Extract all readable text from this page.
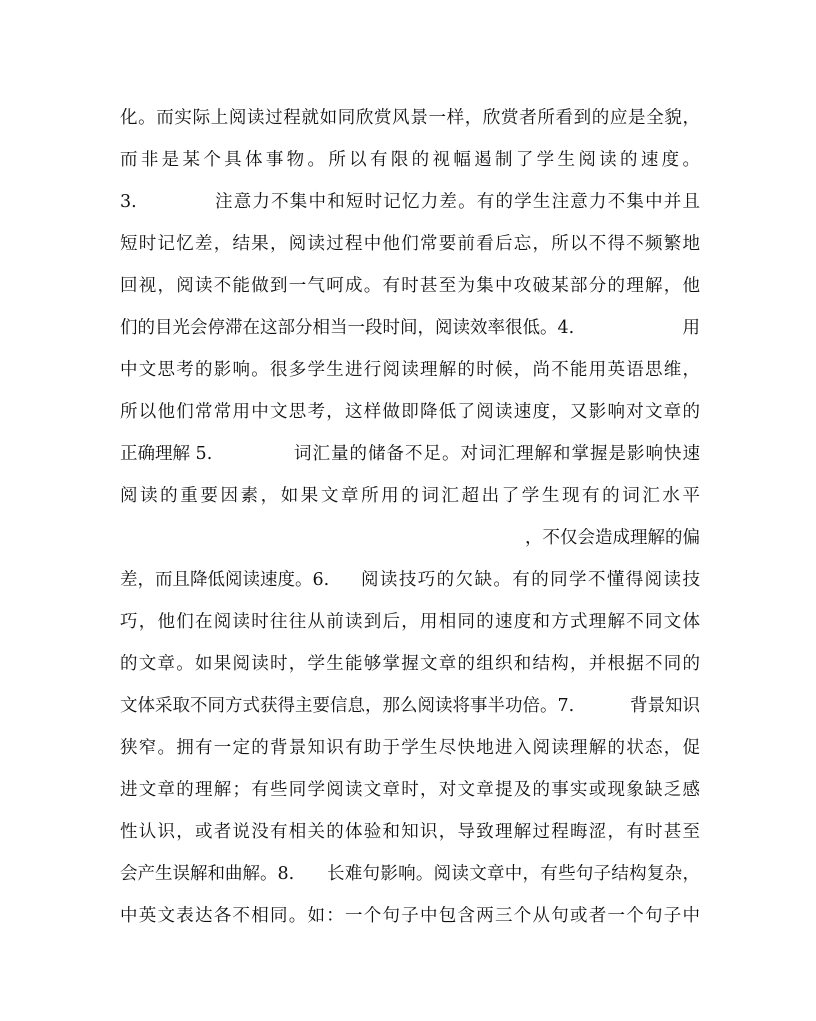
化。而实际上阅读过程就如同欣赏风景一样，欣赏者所看到的应是全貌，
而非是某个具体事物。所以有限的视幅遏制了学生阅读的速度。
3.	注意力不集中和短时记忆力差。有的学生注意力不集中并且
短时记忆差，结果，阅读过程中他们常要前看后忘，所以不得不频繁地
回视，阅读不能做到一气呵成。有时甚至为集中攻破某部分的理解，他
们的目光会停滞在这部分相当一段时间，阅读效率很低。4.	用
中文思考的影响。很多学生进行阅读理解的时候，尚不能用英语思维，
所以他们常常用中文思考，这样做即降低了阅读速度，又影响对文章的
正确理解 5.	词汇量的储备不足。对词汇理解和掌握是影响快速
阅读的重要因素，如果文章所用的词汇超出了学生现有的词汇水平
，不仅会造成理解的偏
差，而且降低阅读速度。6.	阅读技巧的欠缺。有的同学不懂得阅读技
巧，他们在阅读时往往从前读到后，用相同的速度和方式理解不同文体
的文章。如果阅读时，学生能够掌握文章的组织和结构，并根据不同的
文体采取不同方式获得主要信息，那么阅读将事半功倍。7.	背景知识
狭窄。拥有一定的背景知识有助于学生尽快地进入阅读理解的状态，促
进文章的理解；有些同学阅读文章时，对文章提及的事实或现象缺乏感
性认识，或者说没有相关的体验和知识，导致理解过程晦涩，有时甚至
会产生误解和曲解。8.	长难句影响。阅读文章中，有些句子结构复杂，
中英文表达各不相同。如：一个句子中包含两三个从句或者一个句子中
